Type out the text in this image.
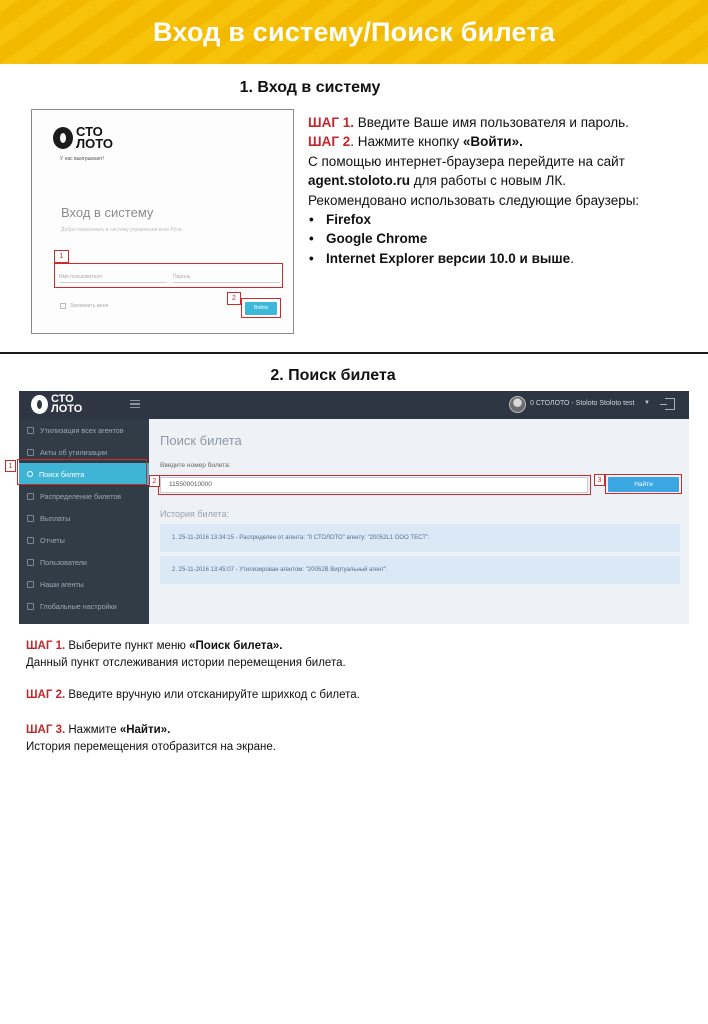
Вход в систему/Поиск билета
1. Вход в систему
СТО
ЛОТО
У нас выигрывают!
Вход в систему
Добро пожаловать в систему управления всех Руси.
Имя пользователя	Пароль
Запомнить меня	Войти
1
2
ШАГ 1. Введите Ваше имя пользователя и пароль.
ШАГ 2. Нажмите кнопку «Войти».
С помощью интернет-браузера перейдите на сайт
agent.stoloto.ru для работы с новым ЛК.
Рекомендовано использовать следующие браузеры:
• Firefox
• Google Chrome
• Internet Explorer версии 10.0 и выше.
2. Поиск билета
СТО
ЛОТО	0 СТОЛОТО - Stoloto Stoloto test ▼
Утилизация всех агентов
Акты об утилизации
Поиск билета
Распределение билетов
Выплаты
Отчеты
Пользователи
Наши агенты
Глобальные настройки
Поиск билета
Введите номер билета:
115500010000	Найти
История билета:
1. 25-11-2016 13:34:15 - Распределен от агента: "0 СТОЛОТО" агенту: "20052L1 ООО ТЕСТ".
2. 25-11-2016 13:45:07 - Утилизирован агентом: "20052В Виртуальный агент".
1
2	3
ШАГ 1. Выберите пункт меню «Поиск билета».
Данный пункт отслеживания истории перемещения билета.
ШАГ 2. Введите вручную или отсканируйте шрихкод с билета.
ШАГ 3. Нажмите «Найти».
История перемещения отобразится на экране.
